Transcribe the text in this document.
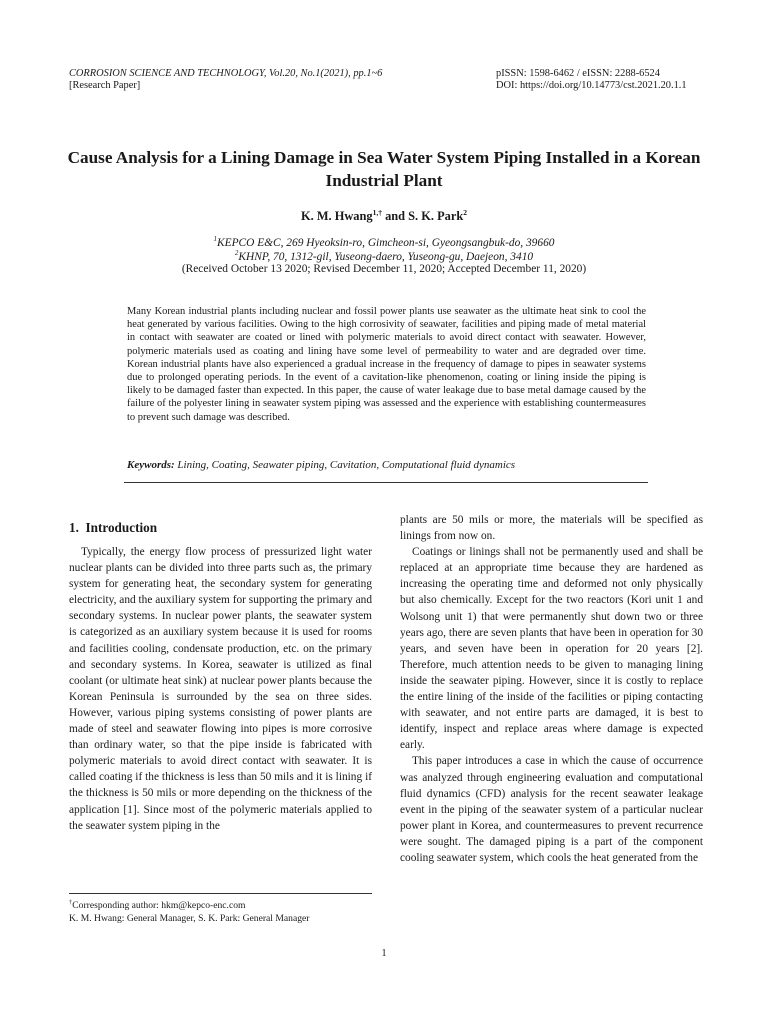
CORROSION SCIENCE AND TECHNOLOGY, Vol.20, No.1(2021), pp.1~6
[Research Paper]
pISSN: 1598-6462 / eISSN: 2288-6524
DOI: https://doi.org/10.14773/cst.2021.20.1.1
Cause Analysis for a Lining Damage in Sea Water System Piping Installed in a Korean Industrial Plant
K. M. Hwang$^{1,\dagger}$ and S. K. Park$^2$
$^1$KEPCO E&C, 269 Hyeoksin-ro, Gimcheon-si, Gyeongsangbuk-do, 39660
$^2$KHNP, 70, 1312-gil, Yuseong-daero, Yuseong-gu, Daejeon, 3410
(Received October 13 2020; Revised December 11, 2020; Accepted December 11, 2020)
Many Korean industrial plants including nuclear and fossil power plants use seawater as the ultimate heat sink to cool the heat generated by various facilities. Owing to the high corrosivity of seawater, facilities and piping made of metal material in contact with seawater are coated or lined with polymeric materials to avoid direct contact with seawater. However, polymeric materials used as coating and lining have some level of permeability to water and are degraded over time. Korean industrial plants have also experienced a gradual increase in the frequency of damage to pipes in seawater systems due to prolonged operating periods. In the event of a cavitation-like phenomenon, coating or lining inside the piping is likely to be damaged faster than expected. In this paper, the cause of water leakage due to base metal damage caused by the failure of the polyester lining in seawater system piping was assessed and the experience with establishing countermeasures to prevent such damage was described.
Keywords: Lining, Coating, Seawater piping, Cavitation, Computational fluid dynamics
1.  Introduction

Typically, the energy flow process of pressurized light water nuclear plants can be divided into three parts such as, the primary system for generating heat, the secondary system for generating electricity, and the auxiliary system for supporting the primary and secondary systems. In nuclear power plants, the seawater system is categorized as an auxiliary system because it is used for rooms and facilities cooling, condensate production, etc. on the primary and secondary systems. In Korea, seawater is utilized as final coolant (or ultimate heat sink) at nuclear power plants because the Korean Peninsula is surrounded by the sea on three sides. However, various piping systems consisting of power plants are made of steel and seawater flowing into pipes is more corrosive than ordinary water, so that the pipe inside is fabricated with polymeric materials to avoid direct contact with seawater. It is called coating if the thickness is less than 50 mils and it is lining if the thickness is 50 mils or more depending on the thickness of the application [1]. Since most of the polymeric materials applied to the seawater system piping in the

plants are 50 mils or more, the materials will be specified as linings from now on.

Coatings or linings shall not be permanently used and shall be replaced at an appropriate time because they are hardened as increasing the operating time and deformed not only physically but also chemically. Except for the two reactors (Kori unit 1 and Wolsong unit 1) that were permanently shut down two or three years ago, there are seven plants that have been in operation for 30 years, and seven have been in operation for 20 years [2]. Therefore, much attention needs to be given to managing lining inside the seawater piping. However, since it is costly to replace the entire lining of the inside of the facilities or piping contacting with seawater, and not entire parts are damaged, it is best to identify, inspect and replace areas where damage is expected early.

This paper introduces a case in which the cause of occurrence was analyzed through engineering evaluation and computational fluid dynamics (CFD) analysis for the recent seawater leakage event in the piping of the seawater system of a particular nuclear power plant in Korea, and countermeasures to prevent recurrence were sought. The damaged piping is a part of the component cooling seawater system, which cools the heat generated from the

†Corresponding author: hkm@kepco-enc.com
K. M. Hwang: General Manager, S. K. Park: General Manager
1
